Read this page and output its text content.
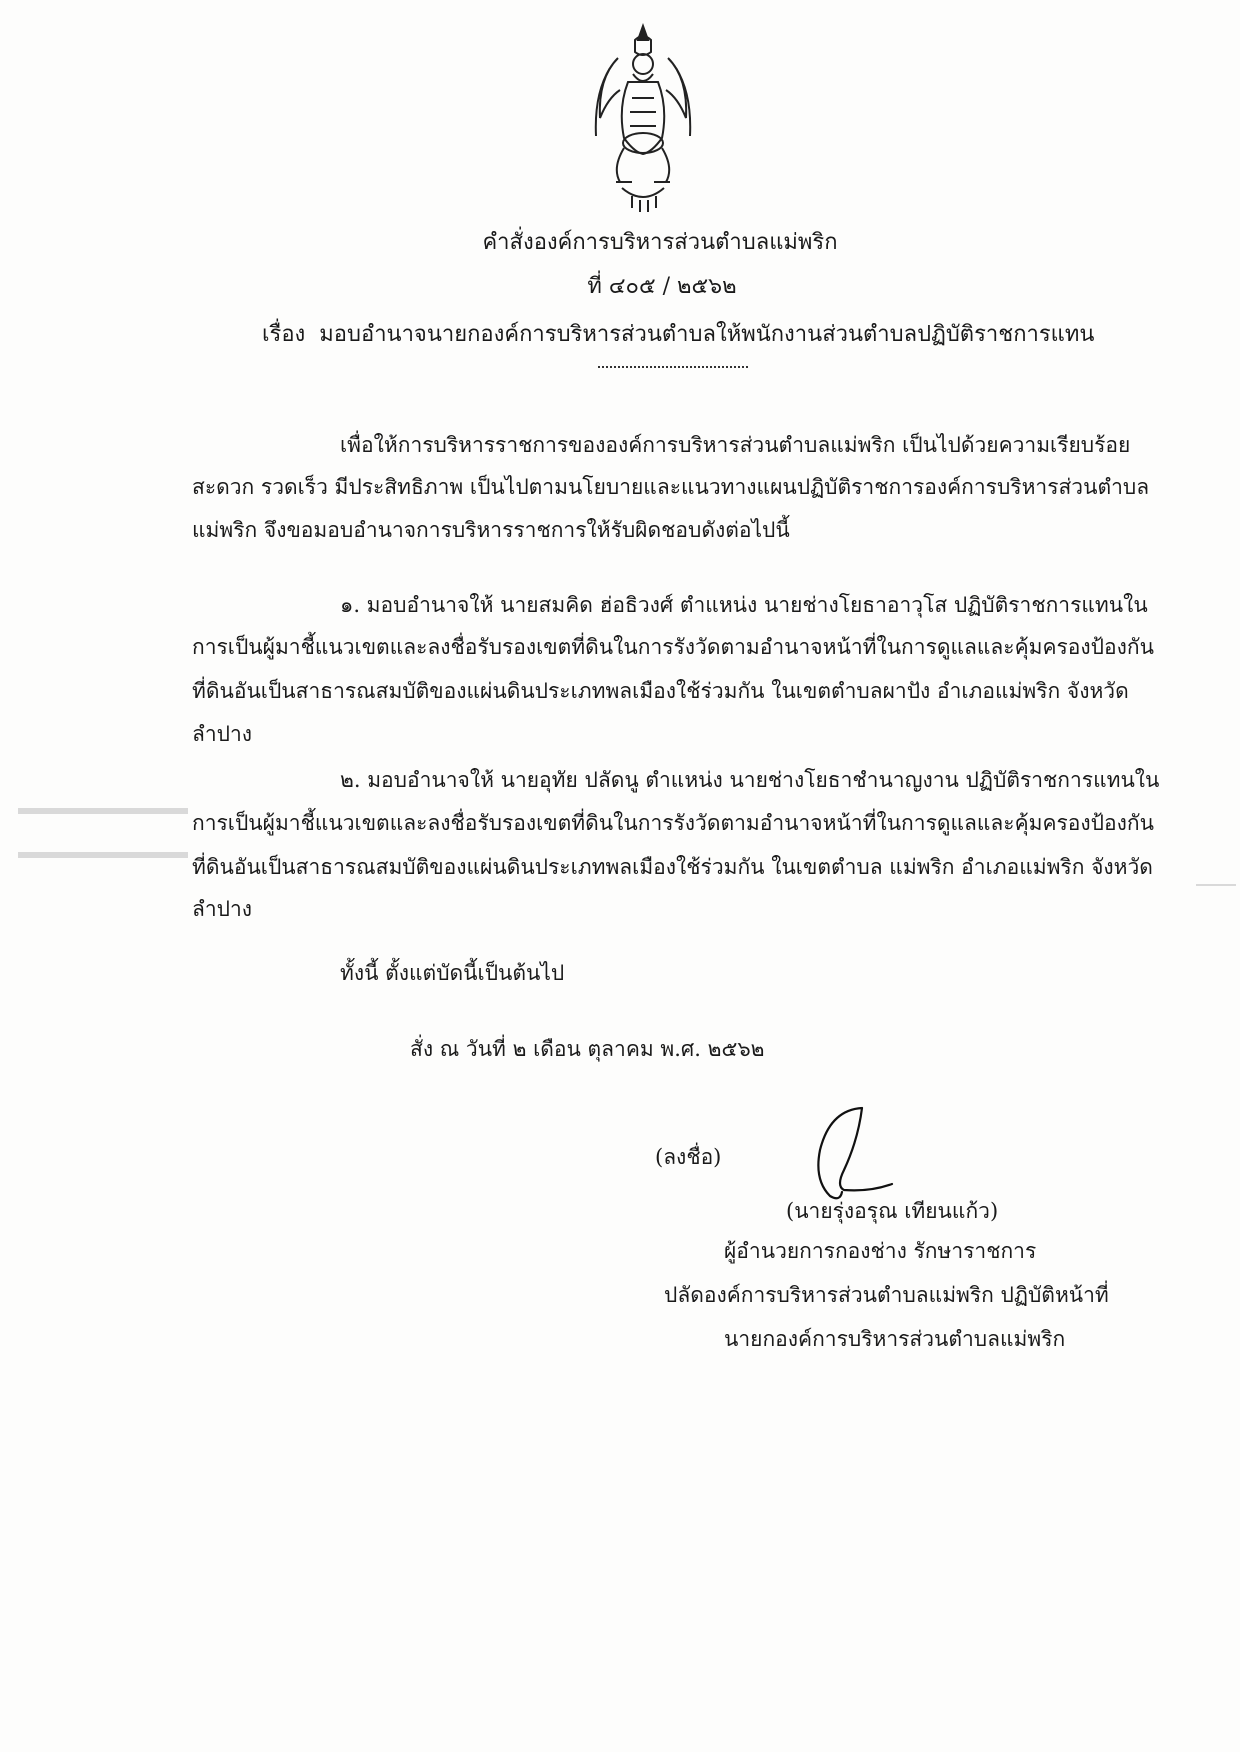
คำสั่งองค์การบริหารส่วนตำบลแม่พริก
ที่ ๔๐๕ / ๒๕๖๒
เรื่อง มอบอำนาจนายกองค์การบริหารส่วนตำบลให้พนักงานส่วนตำบลปฏิบัติราชการแทน
เพื่อให้การบริหารราชการขององค์การบริหารส่วนตำบลแม่พริก เป็นไปด้วยความเรียบร้อย
สะดวก รวดเร็ว มีประสิทธิภาพ เป็นไปตามนโยบายและแนวทางแผนปฏิบัติราชการองค์การบริหารส่วนตำบล
แม่พริก จึงขอมอบอำนาจการบริหารราชการให้รับผิดชอบดังต่อไปนี้
๑. มอบอำนาจให้ นายสมคิด ฮ่อธิวงศ์ ตำแหน่ง นายช่างโยธาอาวุโส ปฏิบัติราชการแทนใน
การเป็นผู้มาชี้แนวเขตและลงชื่อรับรองเขตที่ดินในการรังวัดตามอำนาจหน้าที่ในการดูแลและคุ้มครองป้องกัน
ที่ดินอันเป็นสาธารณสมบัติของแผ่นดินประเภทพลเมืองใช้ร่วมกัน ในเขตตำบลผาปัง อำเภอแม่พริก จังหวัด
ลำปาง
๒. มอบอำนาจให้ นายอุทัย ปลัดนู ตำแหน่ง นายช่างโยธาชำนาญงาน ปฏิบัติราชการแทนใน
การเป็นผู้มาชี้แนวเขตและลงชื่อรับรองเขตที่ดินในการรังวัดตามอำนาจหน้าที่ในการดูแลและคุ้มครองป้องกัน
ที่ดินอันเป็นสาธารณสมบัติของแผ่นดินประเภทพลเมืองใช้ร่วมกัน ในเขตตำบล แม่พริก อำเภอแม่พริก จังหวัด
ลำปาง
ทั้งนี้ ตั้งแต่บัดนี้เป็นต้นไป
สั่ง ณ วันที่ ๒ เดือน ตุลาคม พ.ศ. ๒๕๖๒
(ลงชื่อ)
(นายรุ่งอรุณ เทียนแก้ว)
ผู้อำนวยการกองช่าง รักษาราชการ
ปลัดองค์การบริหารส่วนตำบลแม่พริก ปฏิบัติหน้าที่
นายกองค์การบริหารส่วนตำบลแม่พริก
